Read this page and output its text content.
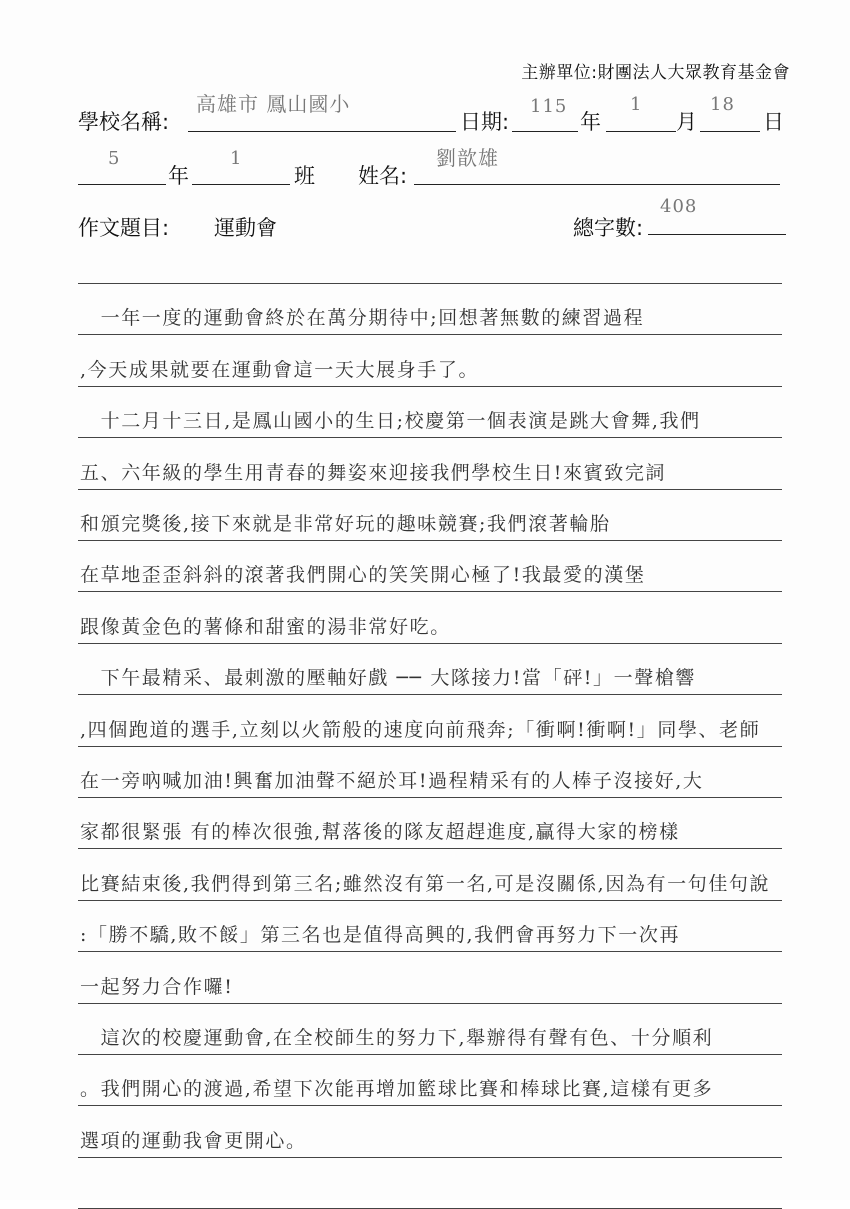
主辦單位:財團法人大眾教育基金會
學校名稱:
高雄市 鳳山國小
日期:
115
年
1
月
18
日
5
年
1
班 姓名:
劉歆雄
作文題目: 運動會	總字數:
408
　一年一度的運動會終於在萬分期待中;回想著無數的練習過程
,今天成果就要在運動會這一天大展身手了。
　十二月十三日,是鳳山國小的生日;校慶第一個表演是跳大會舞,我們
五、六年級的學生用青春的舞姿來迎接我們學校生日!來賓致完詞
和頒完獎後,接下來就是非常好玩的趣味競賽;我們滾著輪胎
在草地歪歪斜斜的滾著我們開心的笑笑開心極了!我最愛的漢堡
跟像黃金色的薯條和甜蜜的湯非常好吃。
　下午最精采、最刺激的壓軸好戲 ── 大隊接力!當「砰!」一聲槍響
,四個跑道的選手,立刻以火箭般的速度向前飛奔;「衝啊!衝啊!」同學、老師
在一旁吶喊加油!興奮加油聲不絕於耳!過程精采有的人棒子沒接好,大
家都很緊張 有的棒次很強,幫落後的隊友超趕進度,贏得大家的榜樣
比賽結束後,我們得到第三名;雖然沒有第一名,可是沒關係,因為有一句佳句說
:「勝不驕,敗不餒」第三名也是值得高興的,我們會再努力下一次再
一起努力合作囉!
　這次的校慶運動會,在全校師生的努力下,舉辦得有聲有色、十分順利
。我們開心的渡過,希望下次能再增加籃球比賽和棒球比賽,這樣有更多
選項的運動我會更開心。
